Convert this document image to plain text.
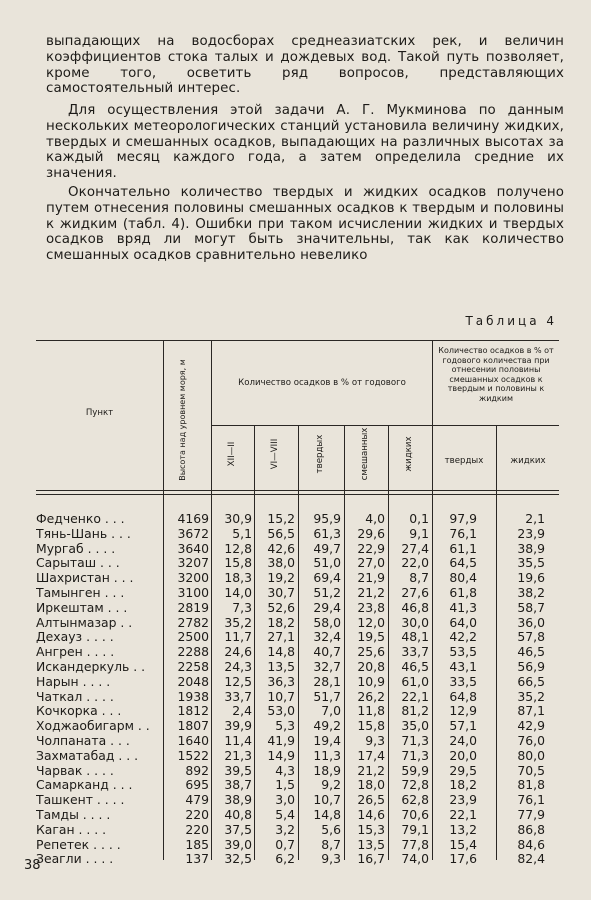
выпадающих на водосборах среднеазиатских рек, и величин коэффициентов стока талых и дождевых вод. Такой путь позволяет, кроме того, осветить ряд вопросов, представляющих самостоятельный интерес.

Для осуществления этой задачи А. Г. Мукминова по данным нескольких метеорологических станций установила величину жидких, твердых и смешанных осадков, выпадающих на различных высотах за каждый месяц каждого года, а затем определила средние их значения.

Окончательно количество твердых и жидких осадков получено путем отнесения половины смешанных осадков к твердым и половины к жидким (табл. 4). Ошибки при таком исчислении жидких и твердых осадков вряд ли могут быть значительны, так как количество смешанных осадков сравнительно невелико

Таблица 4
Пункт	Высота над уровнем моря, м	Количество осадков в % от годового
XII—II	VI—VIII	твердых	смешанных	жидких
Количество осадков в % от годового количества при отнесении половины смешанных осадков к твердым и половины к жидким
твердых	жидких
Федченко . . .	4169	30,9	15,2	95,9	4,0	0,1	97,9	2,1
Тянь-Шань . . .	3672	5,1	56,5	61,3	29,6	9,1	76,1	23,9
Мургаб . . . .	3640	12,8	42,6	49,7	22,9	27,4	61,1	38,9
Сарыташ . . .	3207	15,8	38,0	51,0	27,0	22,0	64,5	35,5
Шахристан . . .	3200	18,3	19,2	69,4	21,9	8,7	80,4	19,6
Тамынген . . .	3100	14,0	30,7	51,2	21,2	27,6	61,8	38,2
Иркештам . . .	2819	7,3	52,6	29,4	23,8	46,8	41,3	58,7
Алтынмазар . .	2782	35,2	18,2	58,0	12,0	30,0	64,0	36,0
Дехауз . . . .	2500	11,7	27,1	32,4	19,5	48,1	42,2	57,8
Ангрен . . . .	2288	24,6	14,8	40,7	25,6	33,7	53,5	46,5
Искандеркуль . .	2258	24,3	13,5	32,7	20,8	46,5	43,1	56,9
Нарын . . . .	2048	12,5	36,3	28,1	10,9	61,0	33,5	66,5
Чаткал . . . .	1938	33,7	10,7	51,7	26,2	22,1	64,8	35,2
Кочкорка . . .	1812	2,4	53,0	7,0	11,8	81,2	12,9	87,1
Ходжаобигарм . .	1807	39,9	5,3	49,2	15,8	35,0	57,1	42,9
Чолпаната . . .	1640	11,4	41,9	19,4	9,3	71,3	24,0	76,0
Захматабад . . .	1522	21,3	14,9	11,3	17,4	71,3	20,0	80,0
Чарвак . . . .	892	39,5	4,3	18,9	21,2	59,9	29,5	70,5
Самарканд . . .	695	38,7	1,5	9,2	18,0	72,8	18,2	81,8
Ташкент . . . .	479	38,9	3,0	10,7	26,5	62,8	23,9	76,1
Тамды . . . .	220	40,8	5,4	14,8	14,6	70,6	22,1	77,9
Каган . . . .	220	37,5	3,2	5,6	15,3	79,1	13,2	86,8
Репетек . . . .	185	39,0	0,7	8,7	13,5	77,8	15,4	84,6
Зеагли . . . .	137	32,5	6,2	9,3	16,7	74,0	17,6	82,4
38
